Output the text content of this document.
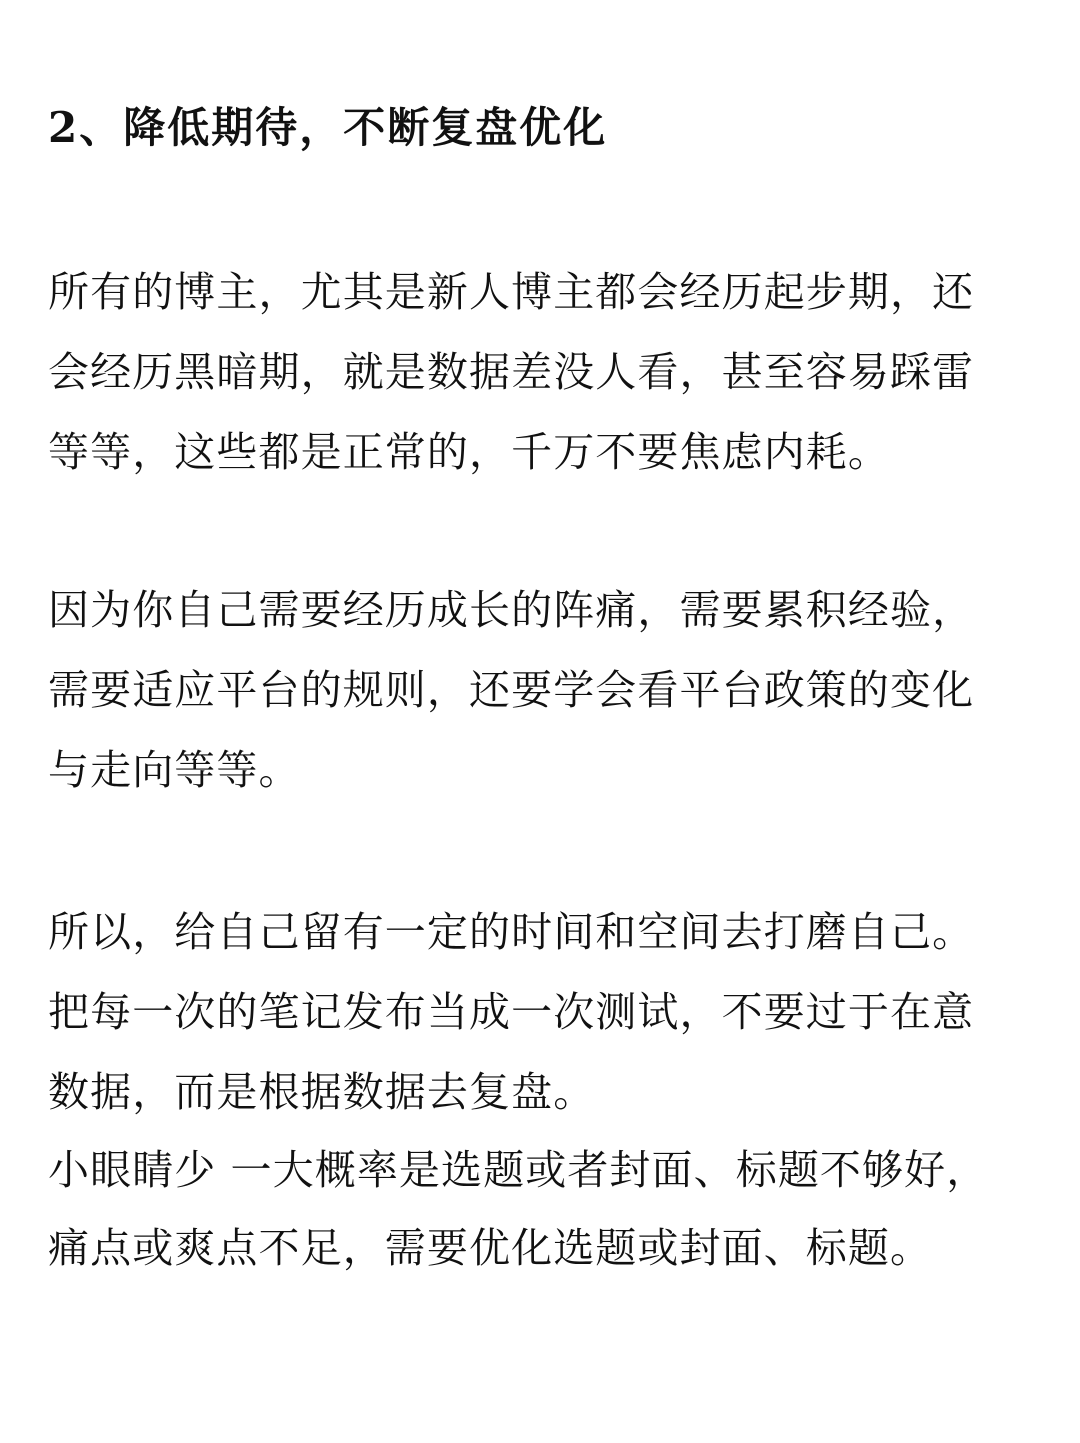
2、降低期待，不断复盘优化
所有的博主，尤其是新人博主都会经历起步期，还
会经历黑暗期，就是数据差没人看，甚至容易踩雷
等等，这些都是正常的，千万不要焦虑内耗。
因为你自己需要经历成长的阵痛，需要累积经验，
需要适应平台的规则，还要学会看平台政策的变化
与走向等等。
所以，给自己留有一定的时间和空间去打磨自己。
把每一次的笔记发布当成一次测试，不要过于在意
数据，而是根据数据去复盘。
小眼睛少 一大概率是选题或者封面、标题不够好，
痛点或爽点不足，需要优化选题或封面、标题。
